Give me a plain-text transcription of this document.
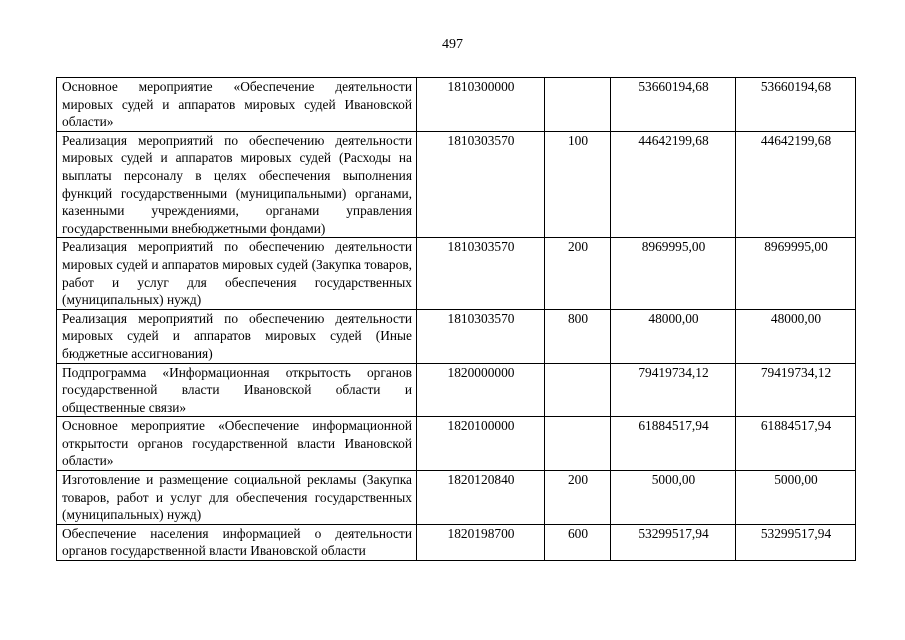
497
Основное мероприятие «Обеспечение деятельности мировых судей и аппаратов мировых судей Ивановской области»	1810300000		53660194,68	53660194,68
Реализация мероприятий по обеспечению деятельности мировых судей и аппаратов мировых судей (Расходы на выплаты персоналу в целях обеспечения выполнения функций государственными (муниципальными) органами, казенными учреждениями, органами управления государственными внебюджетными фондами)	1810303570	100	44642199,68	44642199,68
Реализация мероприятий по обеспечению деятельности мировых судей и аппаратов мировых судей (Закупка товаров, работ и услуг для обеспечения государственных (муниципальных) нужд)	1810303570	200	8969995,00	8969995,00
Реализация мероприятий по обеспечению деятельности мировых судей и аппаратов мировых судей (Иные бюджетные ассигнования)	1810303570	800	48000,00	48000,00
Подпрограмма «Информационная открытость органов государственной власти Ивановской области и общественные связи»	1820000000		79419734,12	79419734,12
Основное мероприятие «Обеспечение информационной открытости органов государственной власти Ивановской области»	1820100000		61884517,94	61884517,94
Изготовление и размещение социальной рекламы (Закупка товаров, работ и услуг для обеспечения государственных (муниципальных) нужд)	1820120840	200	5000,00	5000,00
Обеспечение населения информацией о деятельности органов государственной власти Ивановской области	1820198700	600	53299517,94	53299517,94
